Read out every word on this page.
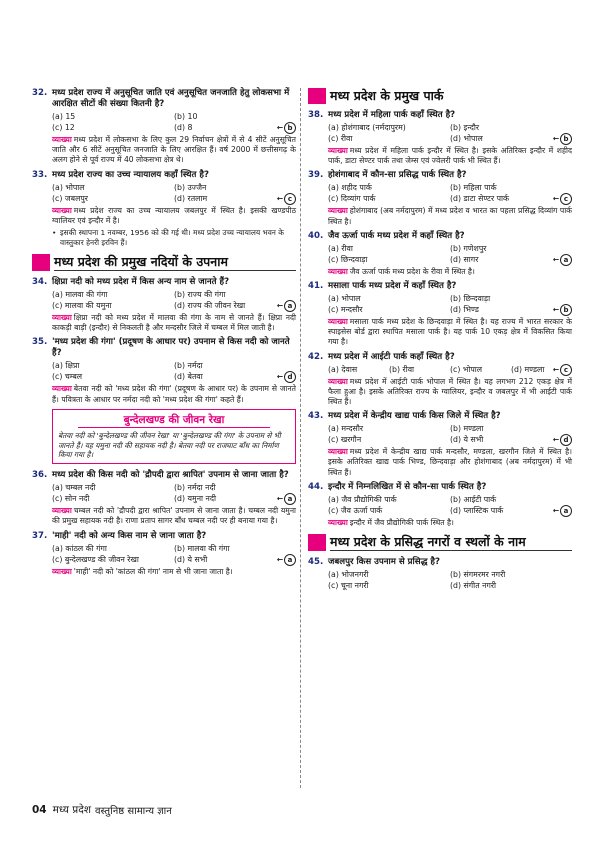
32. मध्य प्रदेश राज्य में अनुसूचित जाति एवं अनुसूचित जनजाति हेतु लोकसभा में आरक्षित सीटों की संख्या कितनी है?
(a) 15	(b) 10
(c) 12	(d) 8	← b
व्याख्या मध्य प्रदेश में लोकसभा के लिए कुल 29 निर्वाचन क्षेत्रों में से 4 सीटें अनुसूचित जाति और 6 सीटें अनुसूचित जनजाति के लिए आरक्षित हैं। वर्ष 2000 में छत्तीसगढ़ के अलग होने से पूर्व राज्य में 40 लोकसभा क्षेत्र थे।
33. मध्य प्रदेश राज्य का उच्च न्यायालय कहाँ स्थित है?
(a) भोपाल	(b) उज्जैन
(c) जबलपुर	(d) रतलाम	← c
व्याख्या मध्य प्रदेश राज्य का उच्च न्यायालय जबलपुर में स्थित है। इसकी खण्डपीठ ग्वालियर एवं इन्दौर में है।
• इसकी स्थापना 1 नवम्बर, 1956 को की गई थी। मध्य प्रदेश उच्च न्यायालय भवन के वास्तुकार हेनरी इरविन हैं।
मध्य प्रदेश की प्रमुख नदियों के उपनाम
34. क्षिप्रा नदी को मध्य प्रदेश में किस अन्य नाम से जानते हैं?
(a) मालवा की गंगा	(b) राज्य की गंगा
(c) मालवा की यमुना	(d) राज्य की जीवन रेखा	← a
व्याख्या क्षिप्रा नदी को मध्य प्रदेश में मालवा की गंगा के नाम से जानते हैं। क्षिप्रा नदी काकड़ी बाड़ी (इन्दौर) से निकलती है और मन्दसौर जिले में चम्बल में मिल जाती है।
35. 'मध्य प्रदेश की गंगा' (प्रदूषण के आधार पर) उपनाम से किस नदी को जानते हैं?
(a) क्षिप्रा	(b) नर्मदा
(c) चम्बल	(d) बेतवा	← d
व्याख्या बेतवा नदी को 'मध्य प्रदेश की गंगा' (प्रदूषण के आधार पर) के उपनाम से जानते हैं। पवित्रता के आधार पर नर्मदा नदी को 'मध्य प्रदेश की गंगा' कहते हैं।
बुन्देलखण्ड की जीवन रेखा
बेतवा नदी को 'बुन्देलखण्ड की जीवन रेखा' या 'बुन्देलखण्ड की गंगा' के उपनाम से भी जानते हैं। यह यमुना नदी की सहायक नदी है। बेतवा नदी पर राजघाट बाँध का निर्माण किया गया है।
36. मध्य प्रदेश की किस नदी को 'द्रौपदी द्वारा श्रापित' उपनाम से जाना जाता है?
(a) चम्बल नदी	(b) नर्मदा नदी
(c) सोन नदी	(d) यमुना नदी	← a
व्याख्या चम्बल नदी को 'द्रौपदी द्वारा श्रापित' उपनाम से जाना जाता है। चम्बल नदी यमुना की प्रमुख सहायक नदी है। राणा प्रताप सागर बाँध चम्बल नदी पर ही बनाया गया है।
37. 'माही' नदी को अन्य किस नाम से जाना जाता है?
(a) कांठल की गंगा	(b) मालवा की गंगा
(c) बुन्देलखण्ड की जीवन रेखा	(d) ये सभी	← a
व्याख्या 'माही' नदी को 'कांठल की गंगा' नाम से भी जाना जाता है।
मध्य प्रदेश के प्रमुख पार्क
38. मध्य प्रदेश में महिला पार्क कहाँ स्थित है?
(a) होशंगाबाद (नर्मदापुरम)	(b) इन्दौर
(c) रीवा	(d) भोपाल	← b
व्याख्या मध्य प्रदेश में महिला पार्क इन्दौर में स्थित है। इसके अतिरिक्त इन्दौर में शहीद पार्क, डाटा सेण्टर पार्क तथा जेम्स एवं ज्वेलरी पार्क भी स्थित हैं।
39. होशंगाबाद में कौन-सा प्रसिद्ध पार्क स्थित है?
(a) शहीद पार्क	(b) महिला पार्क
(c) दिव्यांग पार्क	(d) डाटा सेण्टर पार्क	← c
व्याख्या होशंगाबाद (अब नर्मदापुरम) में मध्य प्रदेश व भारत का पहला प्रसिद्ध दिव्यांग पार्क स्थित है।
40. जैव ऊर्जा पार्क मध्य प्रदेश में कहाँ स्थित है?
(a) रीवा	(b) गणेशपुर
(c) छिन्दवाड़ा	(d) सागर	← a
व्याख्या जैव ऊर्जा पार्क मध्य प्रदेश के रीवा में स्थित है।
41. मसाला पार्क मध्य प्रदेश में कहाँ स्थित है?
(a) भोपाल	(b) छिन्दवाड़ा
(c) मन्दसौर	(d) भिण्ड	← b
व्याख्या मसाला पार्क मध्य प्रदेश के छिन्दवाड़ा में स्थित है। यह राज्य में भारत सरकार के स्पाइसेस बोर्ड द्वारा स्थापित मसाला पार्क है। यह पार्क 10 एकड़ क्षेत्र में विकसित किया गया है।
42. मध्य प्रदेश में आईटी पार्क कहाँ स्थित है?
(a) देवास	(b) रीवा	(c) भोपाल	(d) मण्डला ← c
व्याख्या मध्य प्रदेश में आईटी पार्क भोपाल में स्थित है। यह लगभग 212 एकड़ क्षेत्र में फैला हुआ है। इसके अतिरिक्त राज्य के ग्वालियर, इन्दौर व जबलपुर में भी आईटी पार्क स्थित हैं।
43. मध्य प्रदेश में केन्द्रीय खाद्य पार्क किस जिले में स्थित है?
(a) मन्दसौर	(b) मण्डला
(c) खरगौन	(d) ये सभी	← d
व्याख्या मध्य प्रदेश में केन्द्रीय खाद्य पार्क मन्दसौर, मण्डला, खरगौन जिले में स्थित है। इसके अतिरिक्त खाद्य पार्क भिण्ड, छिन्दवाड़ा और होशंगाबाद (अब नर्मदापुरम) में भी स्थित हैं।
44. इन्दौर में निम्नलिखित में से कौन-सा पार्क स्थित है?
(a) जैव प्रौद्योगिकी पार्क	(b) आईटी पार्क
(c) जैव ऊर्जा पार्क	(d) प्लास्टिक पार्क	← a
व्याख्या इन्दौर में जैव प्रौद्योगिकी पार्क स्थित है।
मध्य प्रदेश के प्रसिद्ध नगरों व स्थलों के नाम
45. जबलपुर किस उपनाम से प्रसिद्ध है?
(a) भोजनगरी	(b) संगमरमर नगरी
(c) चूना नगरी	(d) संगीत नगरी
04 मध्य प्रदेश वस्तुनिष्ठ सामान्य ज्ञान
